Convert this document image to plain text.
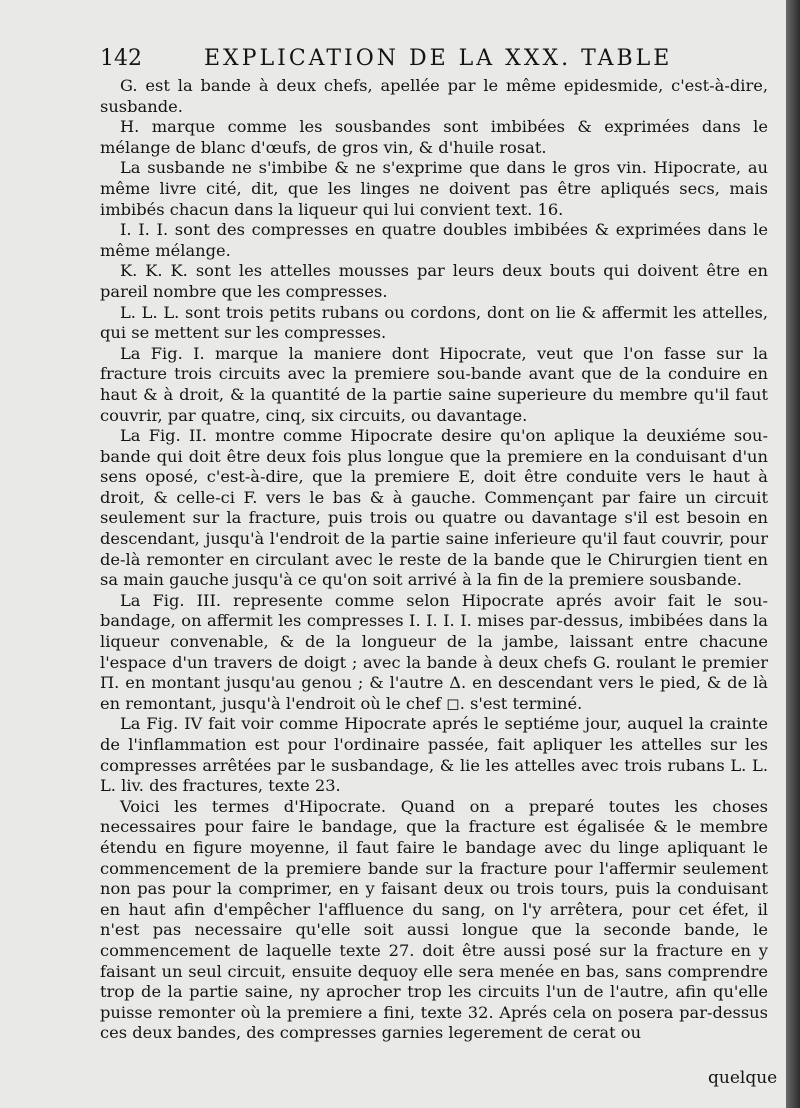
142	EXPLICATION DE LA XXX. TABLE

G. est la bande à deux chefs, apellée par le même epidesmide, c'est-à-dire, susbande.

H. marque comme les sousbandes sont imbibées & exprimées dans le mélange de blanc d'œufs, de gros vin, & d'huile rosat.

La susbande ne s'imbibe & ne s'exprime que dans le gros vin. Hipocrate, au même livre cité, dit, que les linges ne doivent pas être apliqués secs, mais imbibés chacun dans la liqueur qui lui convient text. 16.

I. I. I. sont des compresses en quatre doubles imbibées & exprimées dans le même mélange.

K. K. K. sont les attelles mousses par leurs deux bouts qui doivent être en pareil nombre que les compresses.

L. L. L. sont trois petits rubans ou cordons, dont on lie & affermit les attelles, qui se mettent sur les compresses.

La Fig. I. marque la maniere dont Hipocrate, veut que l'on fasse sur la fracture trois circuits avec la premiere sou-bande avant que de la conduire en haut & à droit, & la quantité de la partie saine superieure du membre qu'il faut couvrir, par quatre, cinq, six circuits, ou davantage.

La Fig. II. montre comme Hipocrate desire qu'on aplique la deuxiéme sou-bande qui doit être deux fois plus longue que la premiere en la conduisant d'un sens oposé, c'est-à-dire, que la premiere E, doit être conduite vers le haut à droit, & celle-ci F. vers le bas & à gauche. Commençant par faire un circuit seulement sur la fracture, puis trois ou quatre ou davantage s'il est besoin en descendant, jusqu'à l'endroit de la partie saine inferieure qu'il faut couvrir, pour de-là remonter en circulant avec le reste de la bande que le Chirurgien tient en sa main gauche jusqu'à ce qu'on soit arrivé à la fin de la premiere sousbande.

La Fig. III. represente comme selon Hipocrate aprés avoir fait le sou-bandage, on affermit les compresses I. I. I. I. mises par-dessus, imbibées dans la liqueur convenable, & de la longueur de la jambe, laissant entre chacune l'espace d'un travers de doigt ; avec la bande à deux chefs G. roulant le premier Π. en montant jusqu'au genou ; & l'autre Δ. en descendant vers le pied, & de là en remontant, jusqu'à l'endroit où le chef ◻. s'est terminé.

La Fig. IV fait voir comme Hipocrate aprés le septiéme jour, auquel la crainte de l'inflammation est pour l'ordinaire passée, fait apliquer les attelles sur les compresses arrêtées par le susbandage, & lie les attelles avec trois rubans L. L. L. liv. des fractures, texte 23.

Voici les termes d'Hipocrate. Quand on a preparé toutes les choses necessaires pour faire le bandage, que la fracture est égalisée & le membre étendu en figure moyenne, il faut faire le bandage avec du linge apliquant le commencement de la premiere bande sur la fracture pour l'affermir seulement non pas pour la comprimer, en y faisant deux ou trois tours, puis la conduisant en haut afin d'empêcher l'affluence du sang, on l'y arrêtera, pour cet éfet, il n'est pas necessaire qu'elle soit aussi longue que la seconde bande, le commencement de laquelle texte 27. doit être aussi posé sur la fracture en y faisant un seul circuit, ensuite dequoy elle sera menée en bas, sans comprendre trop de la partie saine, ny aprocher trop les circuits l'un de l'autre, afin qu'elle puisse remonter où la premiere a fini, texte 32. Aprés cela on posera par-dessus ces deux bandes, des compresses garnies legerement de cerat ou

quelque
